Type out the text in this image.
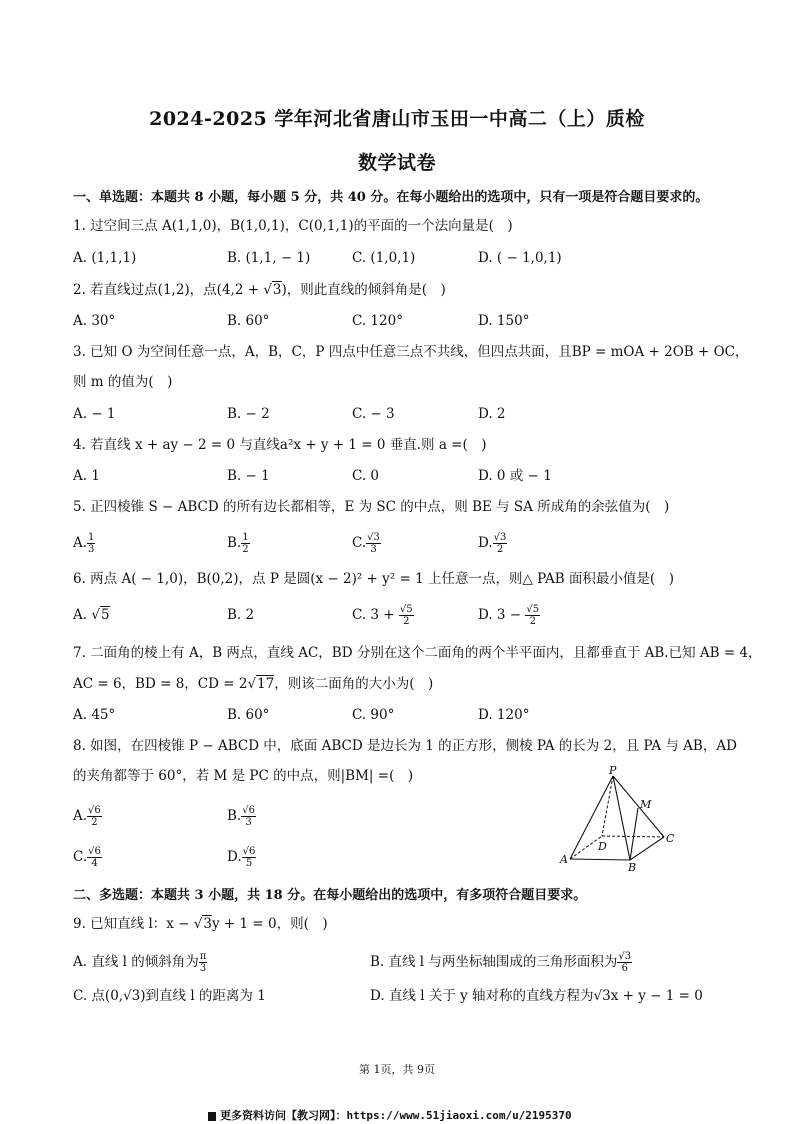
2024-2025 学年河北省唐山市玉田一中高二（上）质检
数学试卷
一、单选题：本题共 8 小题，每小题 5 分，共 40 分。在每小题给出的选项中，只有一项是符合题目要求的。
1. 过空间三点 A(1,1,0)，B(1,0,1)，C(0,1,1)的平面的一个法向量是(　)
A. (1,1,1)	B. (1,1, − 1)	C. (1,0,1)	D. ( − 1,0,1)
2. 若直线过点(1,2)，点(4,2 + √3)，则此直线的倾斜角是(　)
A. 30°	B. 60°	C. 120°	D. 150°
3. 已知 O 为空间任意一点，A，B，C，P 四点中任意三点不共线，但四点共面，且BP = mOA + 2OB + OC，
则 m 的值为(　)
A. − 1	B. − 2	C. − 3	D. 2
4. 若直线 x + ay − 2 = 0 与直线a²x + y + 1 = 0 垂直.则 a =(　)
A. 1	B. − 1	C. 0	D. 0 或 − 1
5. 正四棱锥 S − ABCD 的所有边长都相等，E 为 SC 的中点，则 BE 与 SA 所成角的余弦值为(　)
A. $\frac{1}{3}$	B. $\frac{1}{2}$	C. $\frac{√3}{3}$	D. $\frac{√3}{2}$
6. 两点 A( − 1,0)，B(0,2)，点 P 是圆(x − 2)² + y² = 1 上任意一点，则△ PAB 面积最小值是(　)
A. √5	B. 2	C. $3 + \frac{√5}{2}$	D. $3 - \frac{√5}{2}$
7. 二面角的棱上有 A，B 两点，直线 AC，BD 分别在这个二面角的两个半平面内，且都垂直于 AB.已知 AB = 4，
AC = 6，BD = 8，CD = 2√17，则该二面角的大小为(　)
A. 45°	B. 60°	C. 90°	D. 120°
8. 如图，在四棱锥 P − ABCD 中，底面 ABCD 是边长为 1 的正方形，侧棱 PA 的长为 2，且 PA 与 AB，AD
的夹角都等于 60°，若 M 是 PC 的中点，则|BM| =(　)
A. $\frac{√6}{2}$	B. $\frac{√6}{3}$
C. $\frac{√6}{4}$	D. $\frac{√6}{5}$
P
M
C
D
A
B
二、多选题：本题共 3 小题，共 18 分。在每小题给出的选项中，有多项符合题目要求。
9. 已知直线 l：x − √3y + 1 = 0，则(　)
A. 直线 l 的倾斜角为 $\frac{\pi}{3}$	B. 直线 l 与两坐标轴围成的三角形面积为 $\frac{√3}{6}$
C. 点(0,√3)到直线 l 的距离为 1	D. 直线 l 关于 y 轴对称的直线方程为√3x + y − 1 = 0
第 1页，共 9页
更多资料访问【教习网】：https://www.51jiaoxi.com/u/2195370
